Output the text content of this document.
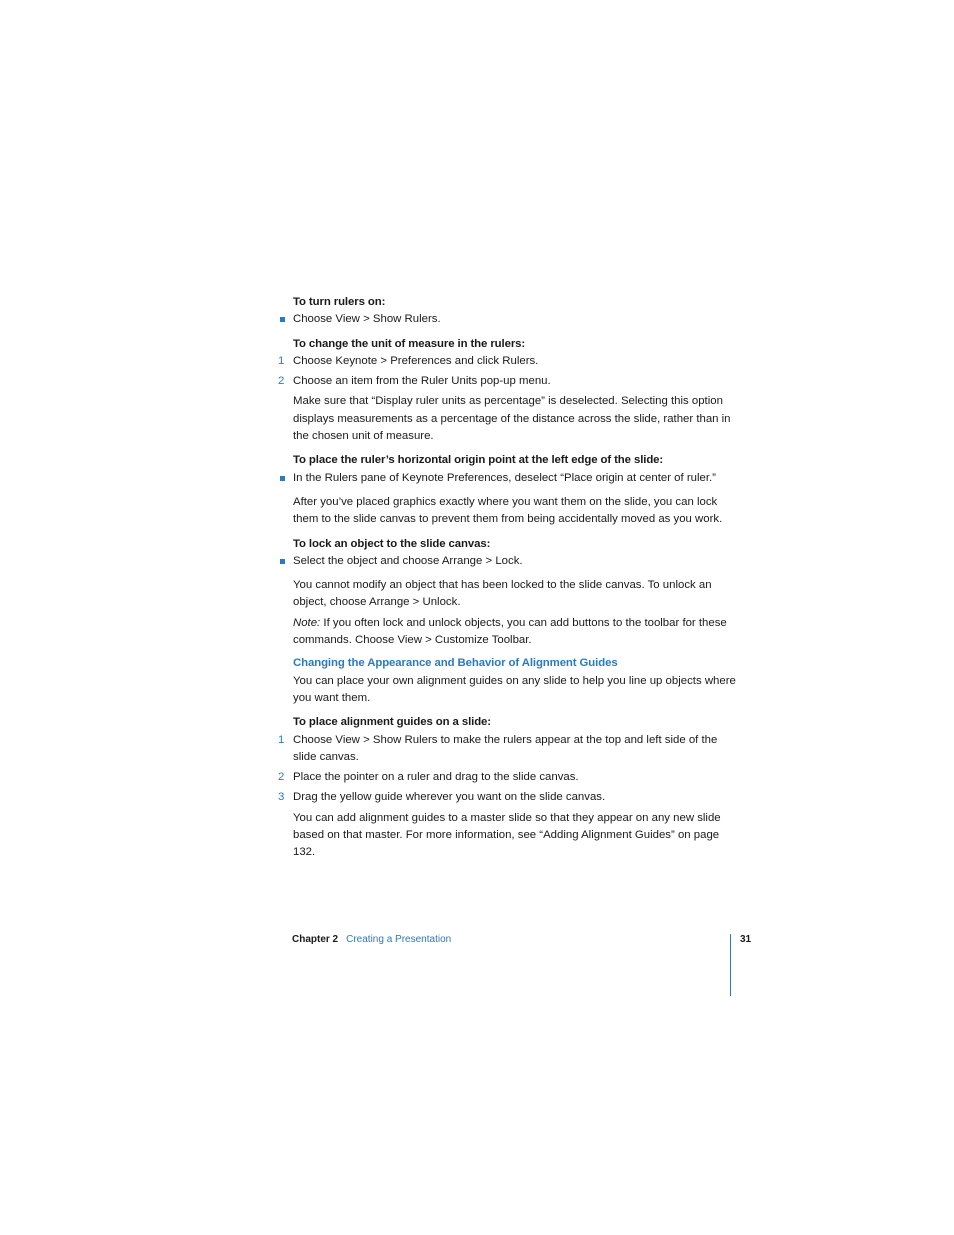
To turn rulers on:

Choose View > Show Rulers.

To change the unit of measure in the rulers:

1 Choose Keynote > Preferences and click Rulers.

2 Choose an item from the Ruler Units pop-up menu.

Make sure that “Display ruler units as percentage” is deselected. Selecting this option displays measurements as a percentage of the distance across the slide, rather than in the chosen unit of measure.

To place the ruler’s horizontal origin point at the left edge of the slide:

In the Rulers pane of Keynote Preferences, deselect “Place origin at center of ruler.”

After you’ve placed graphics exactly where you want them on the slide, you can lock them to the slide canvas to prevent them from being accidentally moved as you work.

To lock an object to the slide canvas:

Select the object and choose Arrange > Lock.

You cannot modify an object that has been locked to the slide canvas. To unlock an object, choose Arrange > Unlock.

Note: If you often lock and unlock objects, you can add buttons to the toolbar for these commands. Choose View > Customize Toolbar.

Changing the Appearance and Behavior of Alignment Guides

You can place your own alignment guides on any slide to help you line up objects where you want them.

To place alignment guides on a slide:

1 Choose View > Show Rulers to make the rulers appear at the top and left side of the slide canvas.

2 Place the pointer on a ruler and drag to the slide canvas.

3 Drag the yellow guide wherever you want on the slide canvas.

You can add alignment guides to a master slide so that they appear on any new slide based on that master. For more information, see “Adding Alignment Guides” on page 132.

Chapter 2 Creating a Presentation	31
